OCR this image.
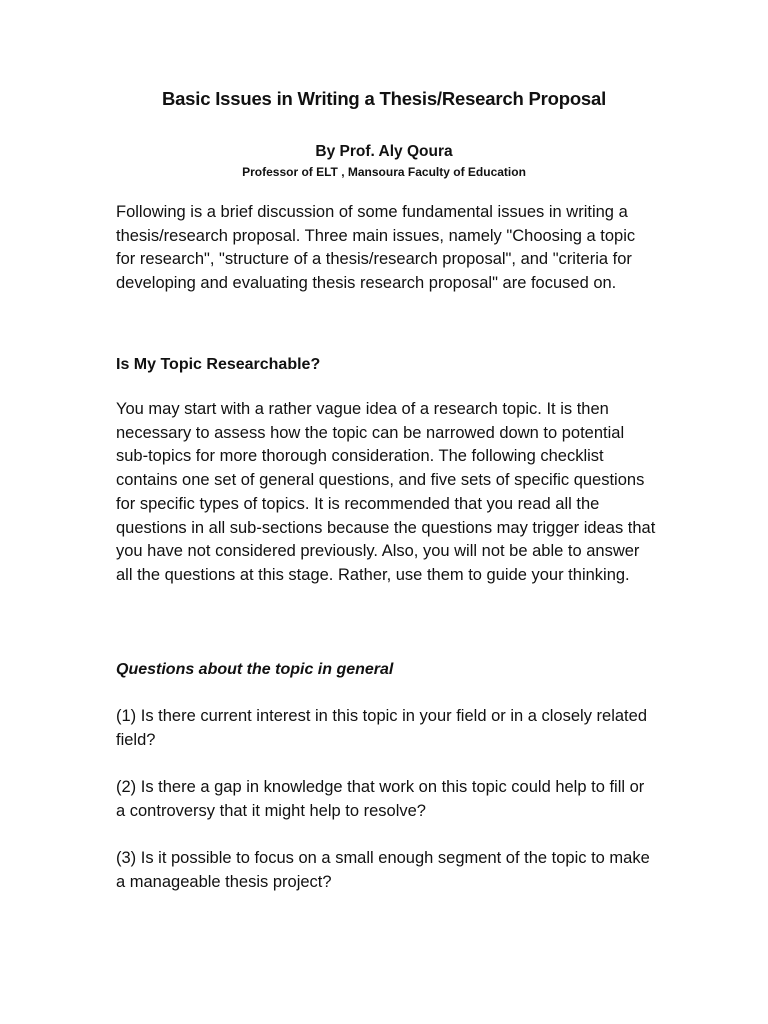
Basic Issues in Writing a Thesis/Research Proposal

By Prof. Aly Qoura

Professor of ELT , Mansoura Faculty of Education

Following is a brief discussion of some fundamental issues in writing a thesis/research proposal. Three main issues, namely "Choosing a topic for research", "structure of a thesis/research proposal", and "criteria for developing and evaluating thesis research proposal" are focused on.

Is My Topic Researchable?

You may start with a rather vague idea of a research topic. It is then necessary to assess how the topic can be narrowed down to potential sub-topics for more thorough consideration. The following checklist contains one set of general questions, and five sets of specific questions for specific types of topics. It is recommended that you read all the questions in all sub-sections because the questions may trigger ideas that you have not considered previously. Also, you will not be able to answer all the questions at this stage. Rather, use them to guide your thinking.

Questions about the topic in general

(1) Is there current interest in this topic in your field or in a closely related field?

(2) Is there a gap in knowledge that work on this topic could help to fill or a controversy that it might help to resolve?

(3) Is it possible to focus on a small enough segment of the topic to make a manageable thesis project?
